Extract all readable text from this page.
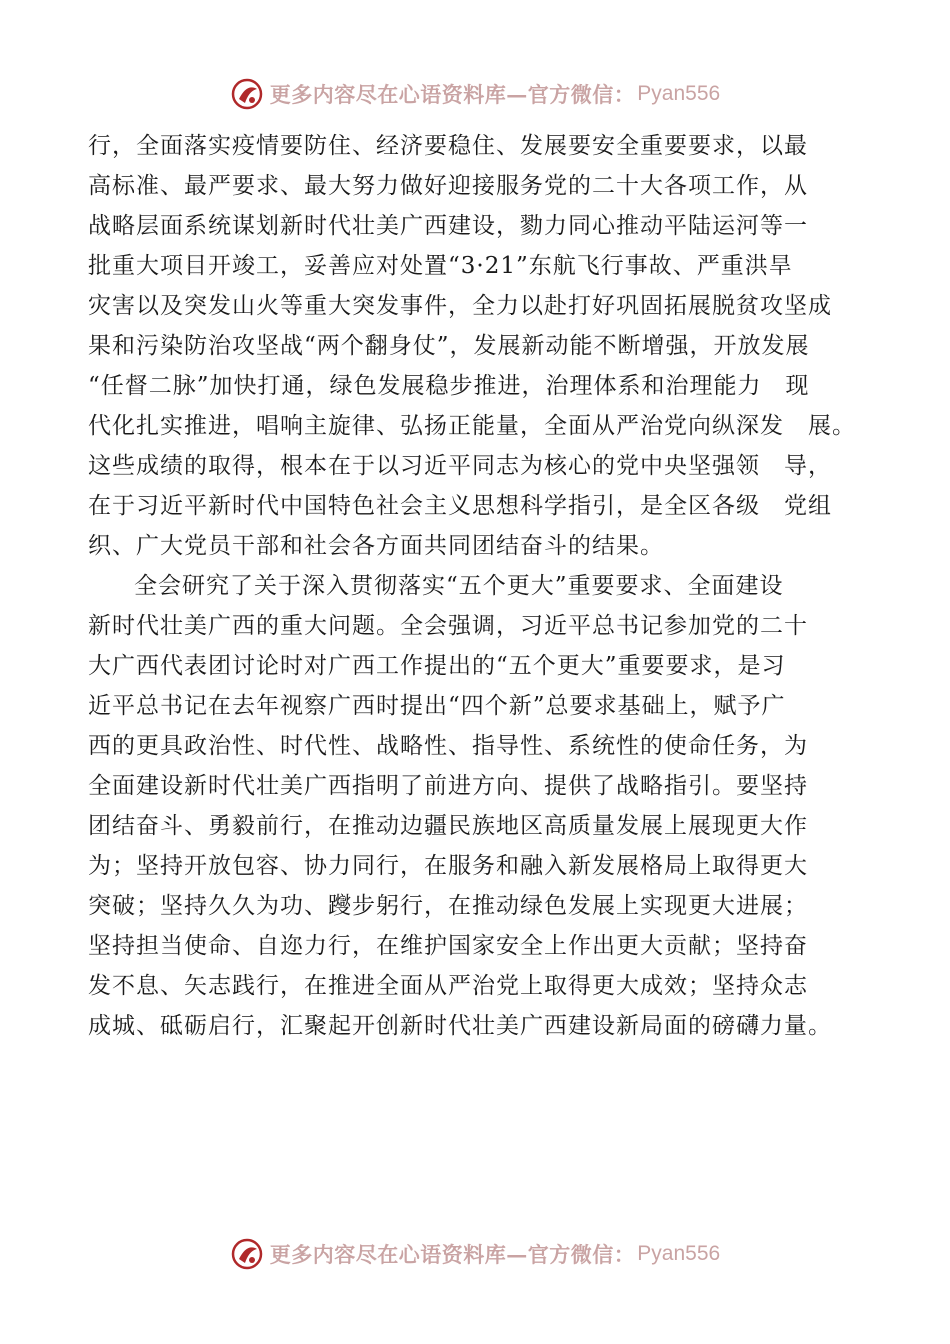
更多内容尽在心语资料库—官方微信： Pyan556
行，全面落实疫情要防住、经济要稳住、发展要安全重要要求，以最
高标准、最严要求、最大努力做好迎接服务党的二十大各项工作，从
战略层面系统谋划新时代壮美广西建设，勠力同心推动平陆运河等一
批重大项目开竣工，妥善应对处置“3·21”东航飞行事故、严重洪旱
灾害以及突发山火等重大突发事件，全力以赴打好巩固拓展脱贫攻坚成
果和污染防治攻坚战“两个翻身仗”，发展新动能不断增强，开放发展
“任督二脉”加快打通，绿色发展稳步推进，治理体系和治理能力　现
代化扎实推进，唱响主旋律、弘扬正能量，全面从严治党向纵深发　展。
这些成绩的取得，根本在于以习近平同志为核心的党中央坚强领　导，
在于习近平新时代中国特色社会主义思想科学指引，是全区各级　党组
织、广大党员干部和社会各方面共同团结奋斗的结果。
全会研究了关于深入贯彻落实“五个更大”重要要求、全面建设
新时代壮美广西的重大问题。全会强调，习近平总书记参加党的二十
大广西代表团讨论时对广西工作提出的“五个更大”重要要求，是习
近平总书记在去年视察广西时提出“四个新”总要求基础上，赋予广
西的更具政治性、时代性、战略性、指导性、系统性的使命任务，为
全面建设新时代壮美广西指明了前进方向、提供了战略指引。要坚持
团结奋斗、勇毅前行，在推动边疆民族地区高质量发展上展现更大作
为；坚持开放包容、协力同行，在服务和融入新发展格局上取得更大
突破；坚持久久为功、躞步躬行，在推动绿色发展上实现更大进展；
坚持担当使命、自迩力行，在维护国家安全上作出更大贡献；坚持奋
发不息、矢志践行，在推进全面从严治党上取得更大成效；坚持众志
成城、砥砺启行，汇聚起开创新时代壮美广西建设新局面的磅礴力量。
更多内容尽在心语资料库—官方微信： Pyan556
